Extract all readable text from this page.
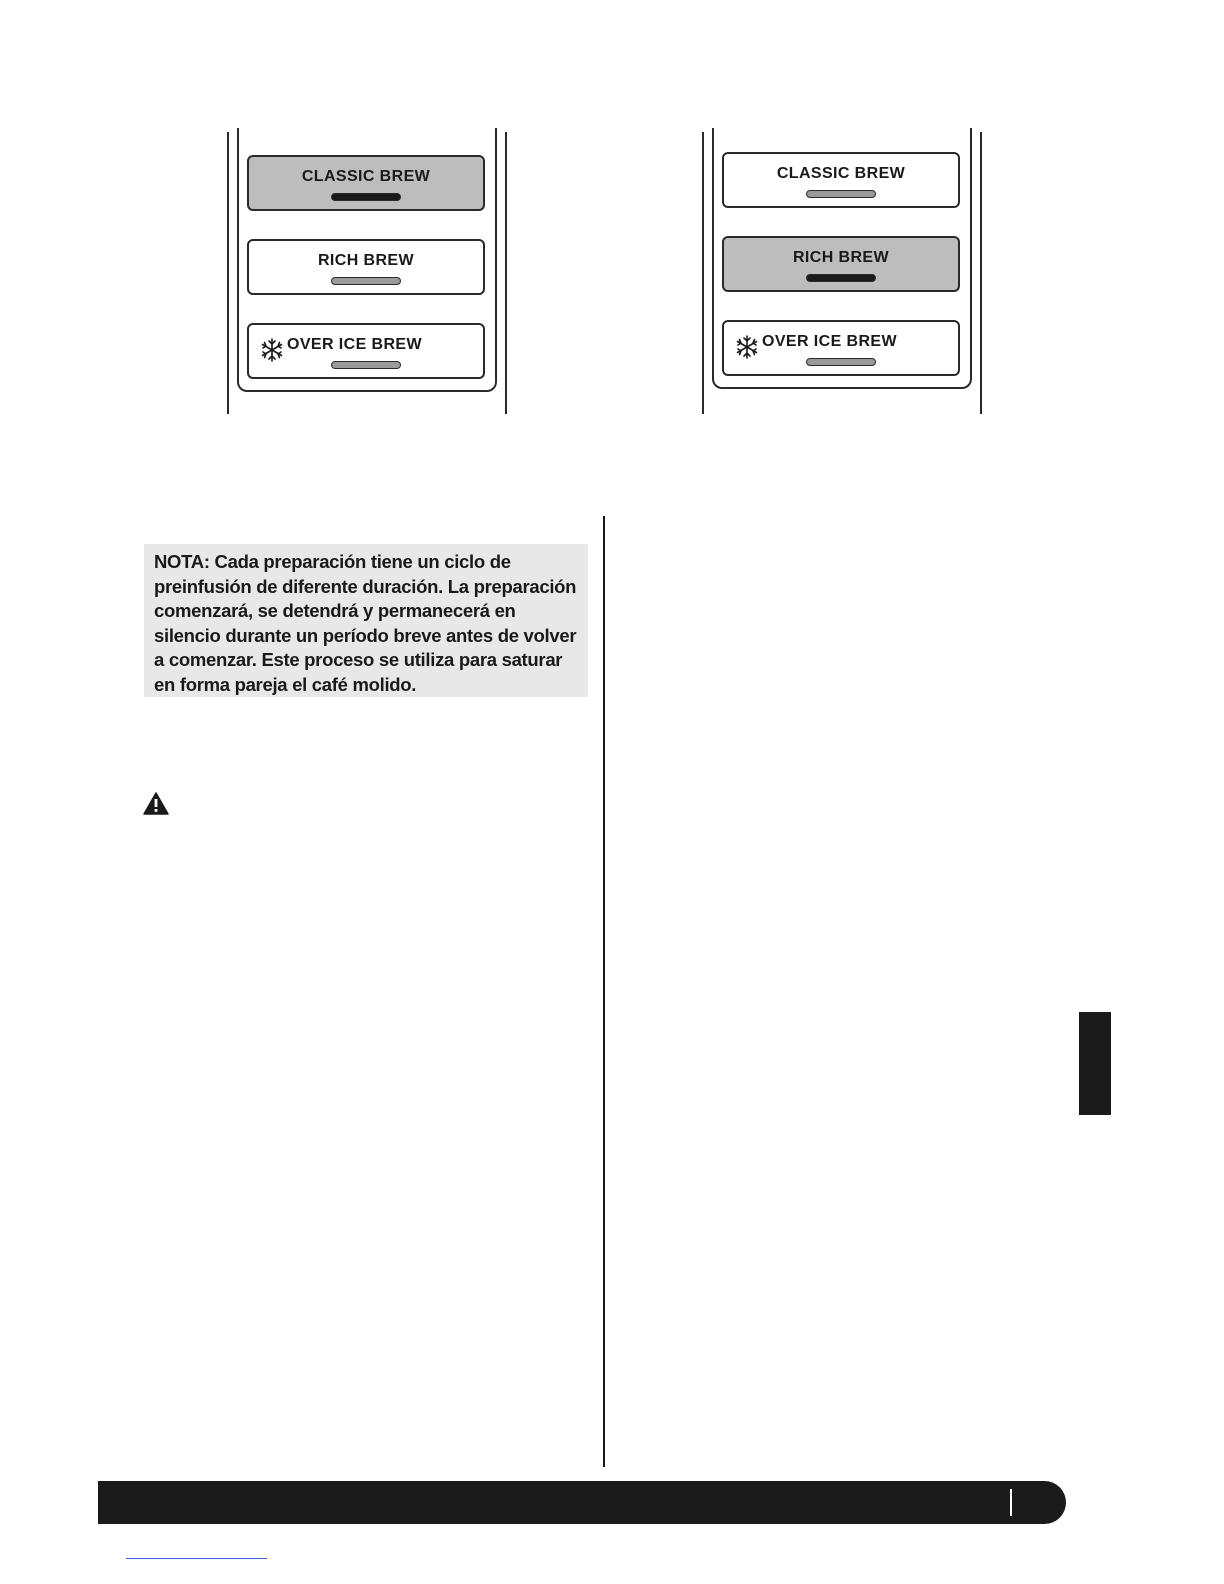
CLASSIC BREW
RICH BREW
OVER ICE BREW
CLASSIC BREW
RICH BREW
OVER ICE BREW

NOTA: Cada preparación tiene un ciclo de preinfusión de diferente duración. La preparación comenzará, se detendrá y permanecerá en silencio durante un período breve antes de volver a comenzar. Este proceso se utiliza para saturar en forma pareja el café molido.
